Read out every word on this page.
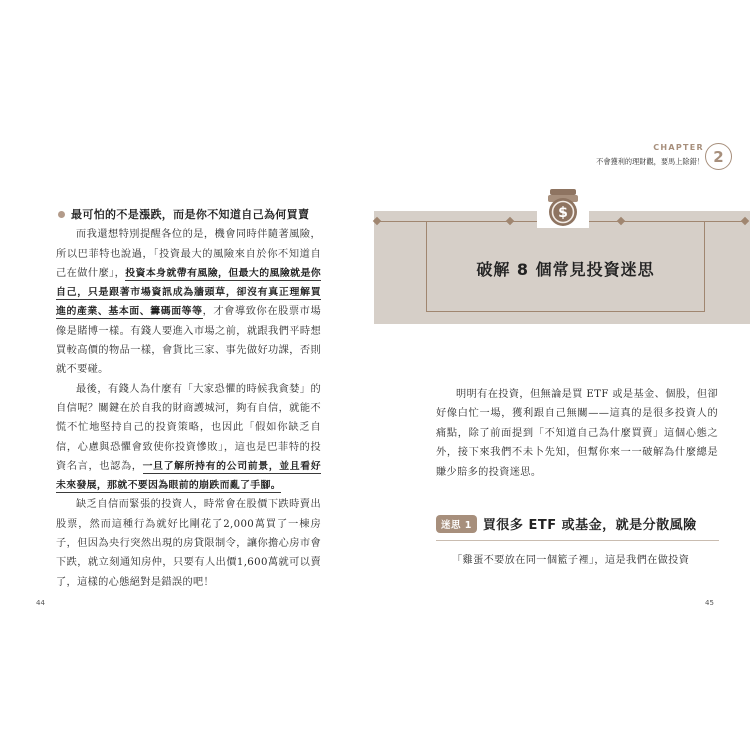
CHAPTER
不會獲利的理財觀，要馬上除錯！ 2
最可怕的不是漲跌，而是你不知道自己為何買賣

而我還想特別提醒各位的是，機會同時伴隨著風險，所以巴菲特也說過，「投資最大的風險來自於你不知道自己在做什麼」，投資本身就帶有風險，但最大的風險就是你自己，只是跟著市場資訊成為牆頭草，卻沒有真正理解買進的產業、基本面、籌碼面等等，才會導致你在股票市場像是賭博一樣。有錢人要進入市場之前，就跟我們平時想買較高價的物品一樣，會貨比三家、事先做好功課，否則就不要碰。

最後，有錢人為什麼有「大家恐懼的時候我貪婪」的自信呢？關鍵在於自我的財商護城河，夠有自信，就能不慌不忙地堅持自己的投資策略，也因此「假如你缺乏自信，心慮與恐懼會致使你投資慘敗」，這也是巴菲特的投資名言，也認為，一旦了解所持有的公司前景，並且看好未來發展，那就不要因為眼前的崩跌而亂了手腳。

缺乏自信而緊張的投資人，時常會在股價下跌時賣出股票，然而這種行為就好比剛花了2,000萬買了一棟房子，但因為央行突然出現的房貸限制令，讓你擔心房市會下跌，就立刻通知房仲，只要有人出價1,600萬就可以賣了，這樣的心態絕對是錯誤的吧！

44
$
破解 8 個常見投資迷思

明明有在投資，但無論是買 ETF 或是基金、個股，但卻好像白忙一場，獲利跟自己無關——這真的是很多投資人的痛點，除了前面提到「不知道自己為什麼買賣」這個心態之外，接下來我們不未卜先知，但幫你來一一破解為什麼總是賺少賠多的投資迷思。

迷思 1 買很多 ETF 或基金，就是分散風險
「雞蛋不要放在同一個籃子裡」，這是我們在做投資
45
